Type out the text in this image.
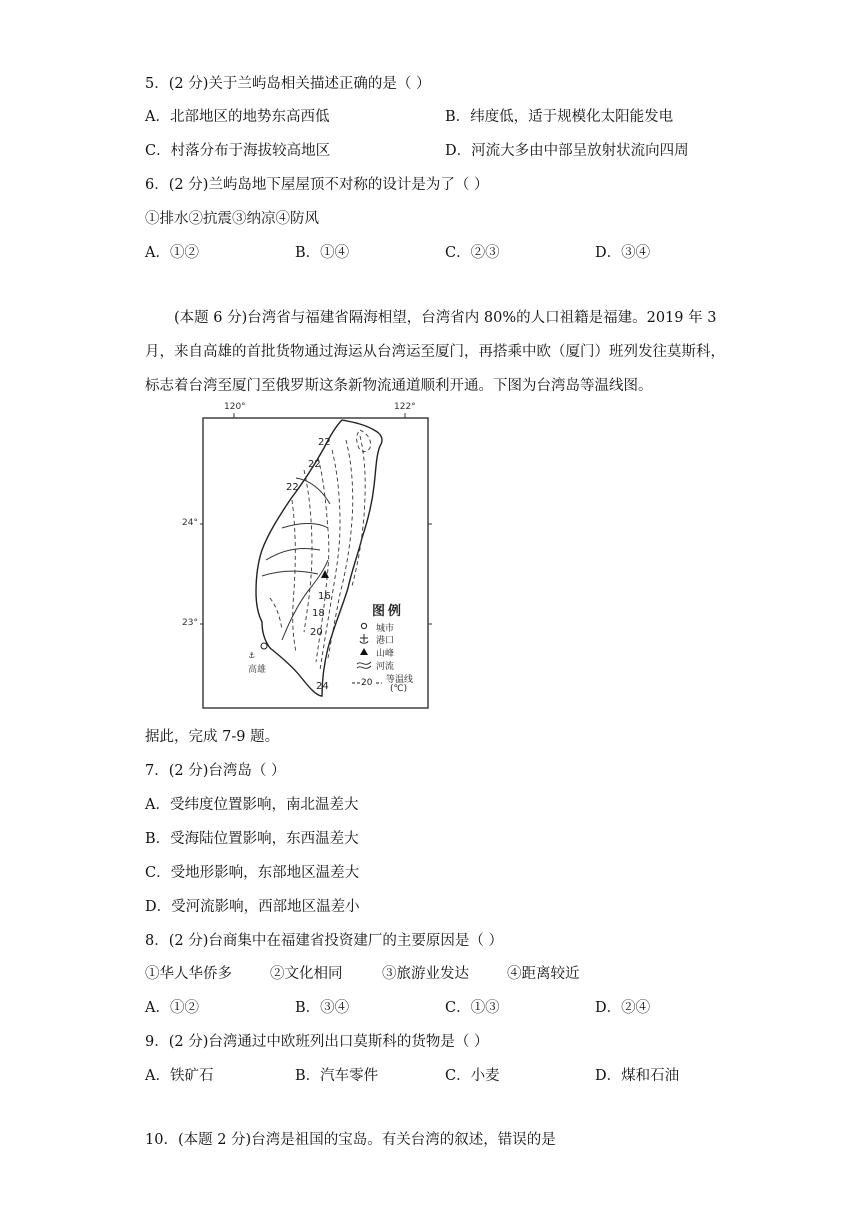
5．(2 分)关于兰屿岛相关描述正确的是（ ）
A．北部地区的地势东高西低	B．纬度低，适于规模化太阳能发电
C．村落分布于海拔较高地区	D．河流大多由中部呈放射状流向四周
6．(2 分)兰屿岛地下屋屋顶不对称的设计是为了（ ）
①排水②抗震③纳凉④防风
A．①②	B．①④	C．②③	D．③④
(本题 6 分)台湾省与福建省隔海相望，台湾省内 80%的人口祖籍是福建。2019 年 3 月，来自高雄的首批货物通过海运从台湾运至厦门，再搭乘中欧（厦门）班列发往莫斯科，标志着台湾至厦门至俄罗斯这条新物流通道顺利开通。下图为台湾岛等温线图。
120°	122°
24°
23°
22
22
22
16
18
20
24
⚓
高雄
图例
城市
港口
山峰
河流
20 等温线
(℃)
据此，完成 7-9 题。
7．(2 分)台湾岛（ ）
A．受纬度位置影响，南北温差大
B．受海陆位置影响，东西温差大
C．受地形影响，东部地区温差大
D．受河流影响，西部地区温差小
8．(2 分)台商集中在福建省投资建厂的主要原因是（ ）
①华人华侨多	②文化相同	③旅游业发达	④距离较近
A．①②	B．③④	C．①③	D．②④
9．(2 分)台湾通过中欧班列出口莫斯科的货物是（ ）
A．铁矿石	B．汽车零件	C．小麦	D．煤和石油
10．(本题 2 分)台湾是祖国的宝岛。有关台湾的叙述，错误的是
